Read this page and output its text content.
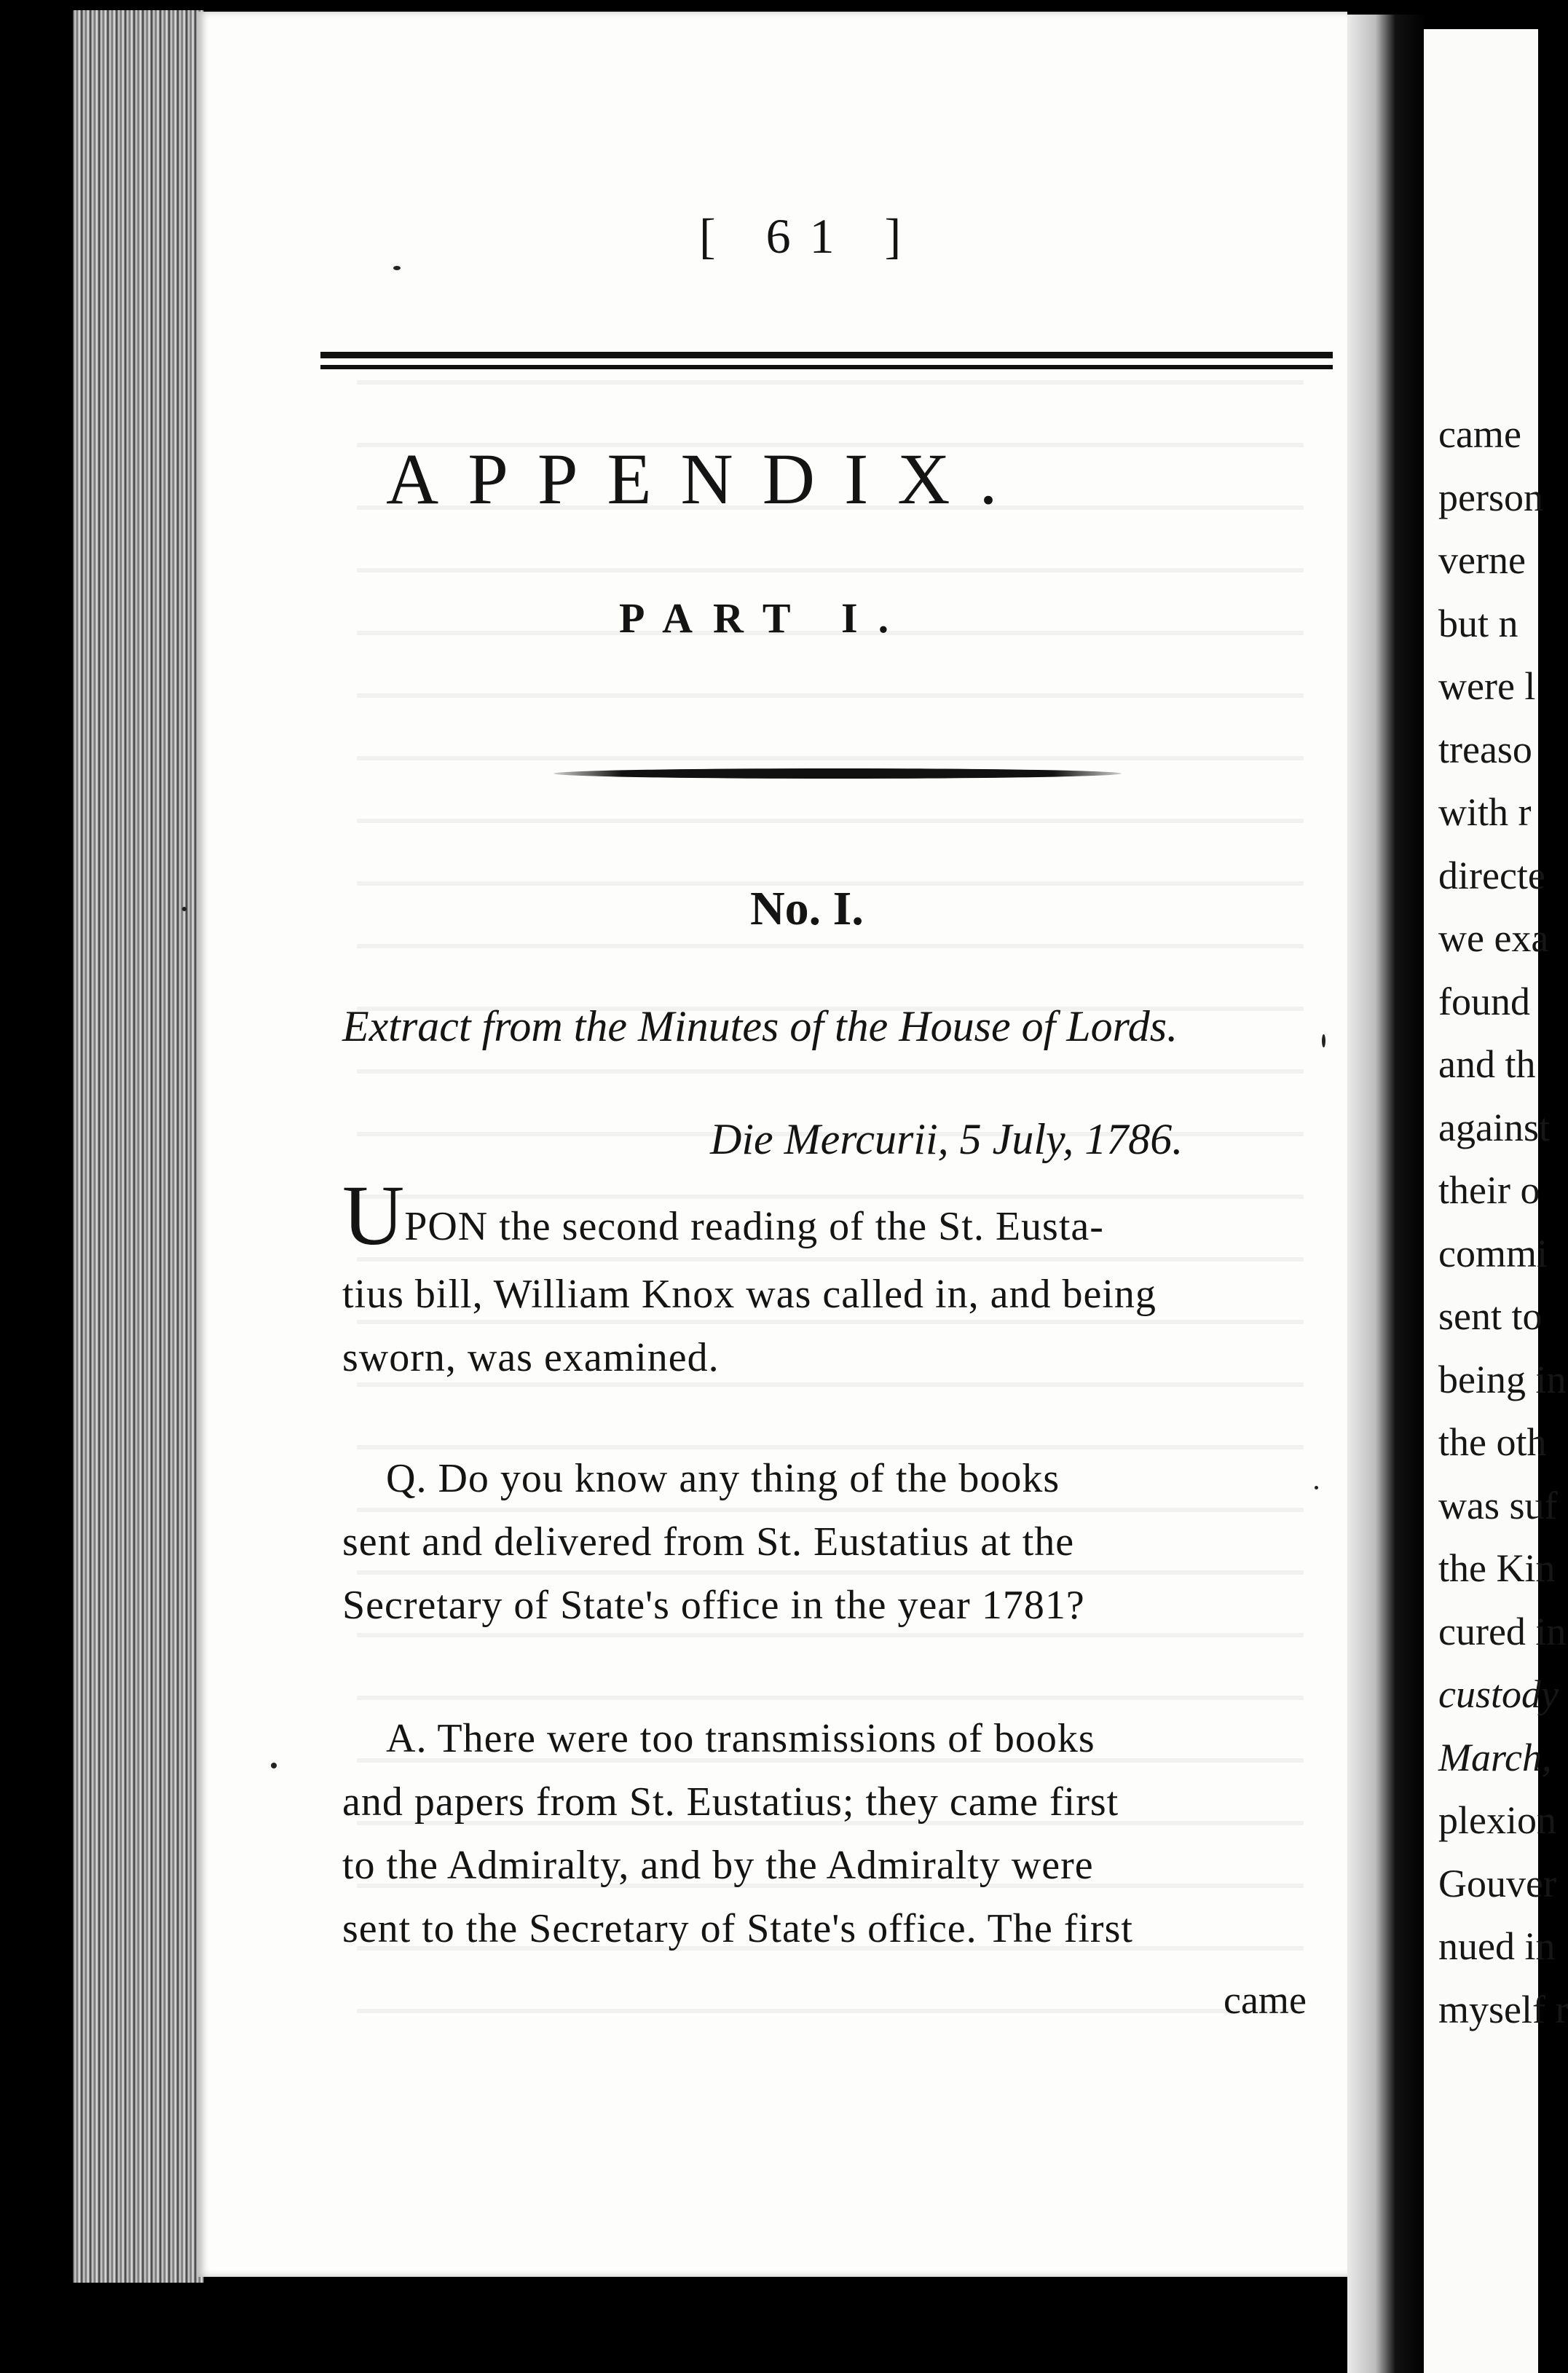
[ 61 ]
APPENDIX.
PART I.
No. I.
Extract from the Minutes of the House of Lords.
Die Mercurii, 5 July, 1786.
UPON the second reading of the St. Eusta-
tius bill, William Knox was called in, and being
sworn, was examined.
Q. Do you know any thing of the books
sent and delivered from St. Eustatius at the
Secretary of State's office in the year 1781?
A. There were too transmissions of books
and papers from St. Eustatius; they came first
to the Admiralty, and by the Admiralty were
sent to the Secretary of State's office. The first
came
came
person
verne
but n
were l
treaso
with r
directe
we exa
found
and th
against
their o
commi
sent to
being in
the oth
was suf
the Kin
cured in
custody
March,
plexion
Gouver
nued in
myself r
